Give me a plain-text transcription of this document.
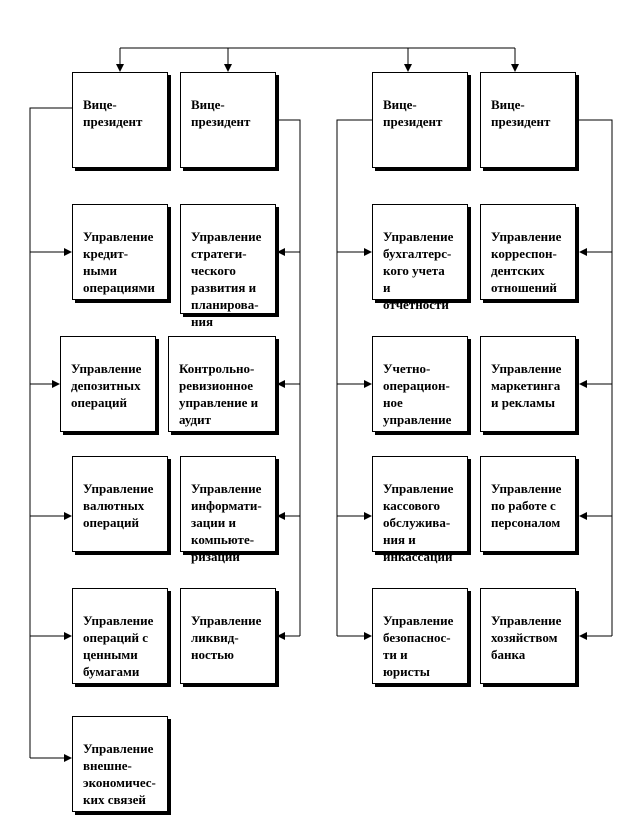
Вице-
президент

Вице-
президент

Вице-
президент

Вице-
президент

Управление
кредит-
ными
операциями

Управление
депозитных
операций

Управление
валютных
операций

Управление
операций с
ценными
бумагами

Управление
внешне-
экономичес-
ких связей

Управление
стратеги-
ческого
развития и
планирова-
ния

Контрольно-
ревизионное
управление и
аудит

Управление
информати-
зации и
компьюте-
ризации

Управление
ликвид-
ностью

Управление
бухгалтерс-
кого учета
и
отчетности

Учетно-
операцион-
ное
управление

Управление
кассового
обслужива-
ния и
инкассации

Управление
безопаснос-
ти и
юристы

Управление
корреспон-
дентских
отношений

Управление
маркетинга
и рекламы

Управление
по работе с
персоналом

Управление
хозяйством
банка
